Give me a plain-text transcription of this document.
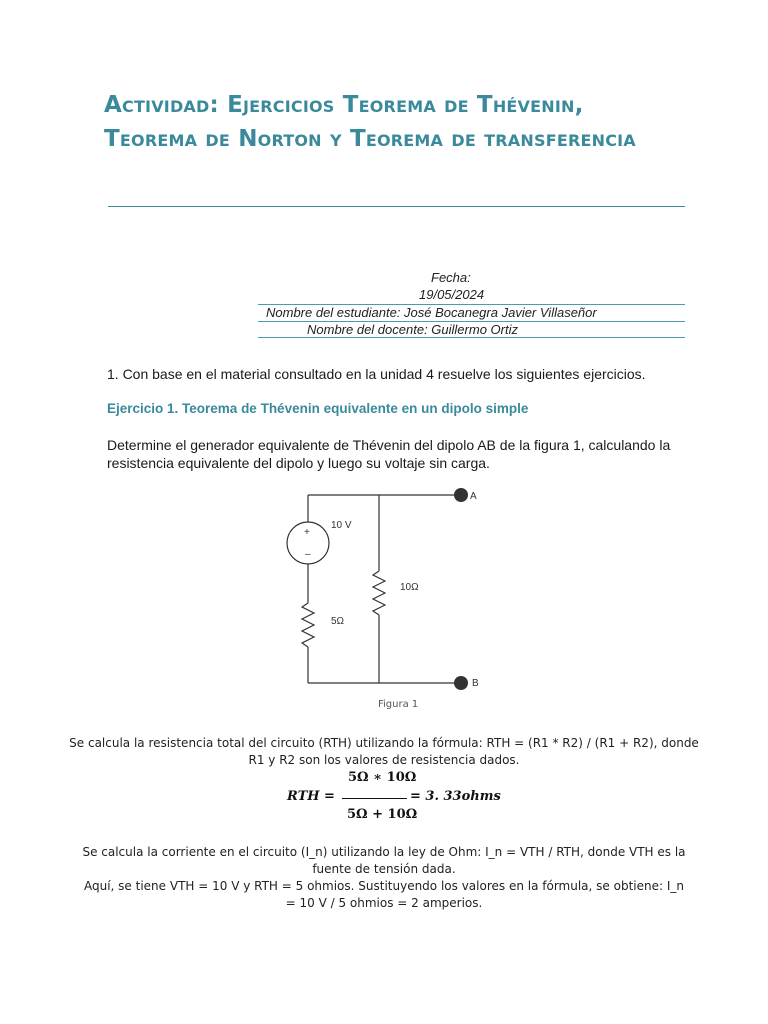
Actividad: Ejercicios Teorema de Thévenin,
Teorema de Norton y Teorema de transferencia
Fecha:
19/05/2024
Nombre del estudiante: José Bocanegra Javier Villaseñor
Nombre del docente: Guillermo Ortiz
1. Con base en el material consultado en la unidad 4 resuelve los siguientes ejercicios.
Ejercicio 1. Teorema de Thévenin equivalente en un dipolo simple
Determine el generador equivalente de Thévenin del dipolo AB de la figura 1, calculando la
resistencia equivalente del dipolo y luego su voltaje sin carga.
+
–
10 V
10Ω
5Ω
A
B
Figura 1
Se calcula la resistencia total del circuito (RTH) utilizando la fórmula: RTH = (R1 * R2) / (R1 + R2), donde
R1 y R2 son los valores de resistencia dados.
5Ω ∗ 10Ω
RTH =	= 3. 33ohms
5Ω + 10Ω
Se calcula la corriente en el circuito (I_n) utilizando la ley de Ohm: I_n = VTH / RTH, donde VTH es la
fuente de tensión dada.
Aquí, se tiene VTH = 10 V y RTH = 5 ohmios. Sustituyendo los valores en la fórmula, se obtiene: I_n
= 10 V / 5 ohmios = 2 amperios.
